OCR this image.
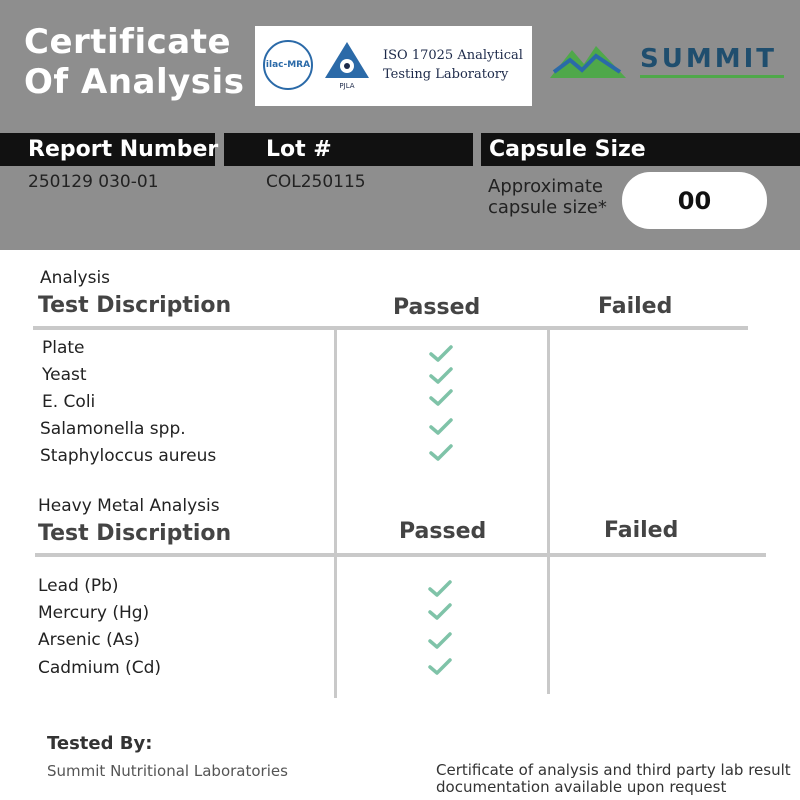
Certificate
Of Analysis ilac-MRA
PJLA
ISO 17025 Analytical
Testing Laboratory
SUMMIT
Report Number	Lot #	Capsule Size
250129 030-01	COL250115	Approximate
capsule size*	00
Analysis
Test Discription	Passed	Failed
Plate
Yeast
E. Coli
Salamonella spp.
Staphyloccus aureus
Heavy Metal Analysis
Test Discription	Passed	Failed
Lead (Pb)
Mercury (Hg)
Arsenic (As)
Cadmium (Cd)
Tested By:
Summit Nutritional Laboratories	Certificate of analysis and third party lab result
documentation available upon request
